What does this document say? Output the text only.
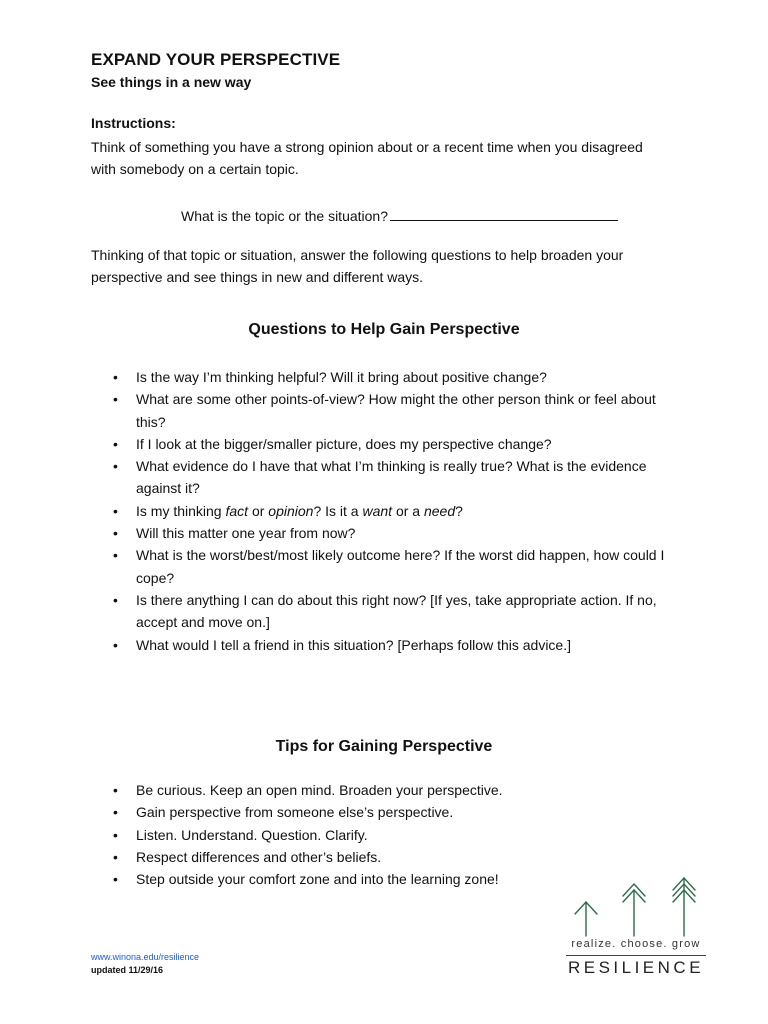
EXPAND YOUR PERSPECTIVE
See things in a new way
Instructions:
Think of something you have a strong opinion about or a recent time when you disagreed with somebody on a certain topic.
What is the topic or the situation?
Thinking of that topic or situation, answer the following questions to help broaden your perspective and see things in new and different ways.
Questions to Help Gain Perspective
• Is the way I’m thinking helpful? Will it bring about positive change?
• What are some other points-of-view? How might the other person think or feel about this?
• If I look at the bigger/smaller picture, does my perspective change?
• What evidence do I have that what I’m thinking is really true? What is the evidence against it?
• Is my thinking fact or opinion? Is it a want or a need?
• Will this matter one year from now?
• What is the worst/best/most likely outcome here? If the worst did happen, how could I cope?
• Is there anything I can do about this right now? [If yes, take appropriate action. If no, accept and move on.]
• What would I tell a friend in this situation? [Perhaps follow this advice.]
Tips for Gaining Perspective
• Be curious. Keep an open mind. Broaden your perspective.
• Gain perspective from someone else’s perspective.
• Listen. Understand. Question. Clarify.
• Respect differences and other’s beliefs.
• Step outside your comfort zone and into the learning zone!
www.winona.edu/resilience
updated 11/29/16
realize. choose. grow
RESILIENCE
